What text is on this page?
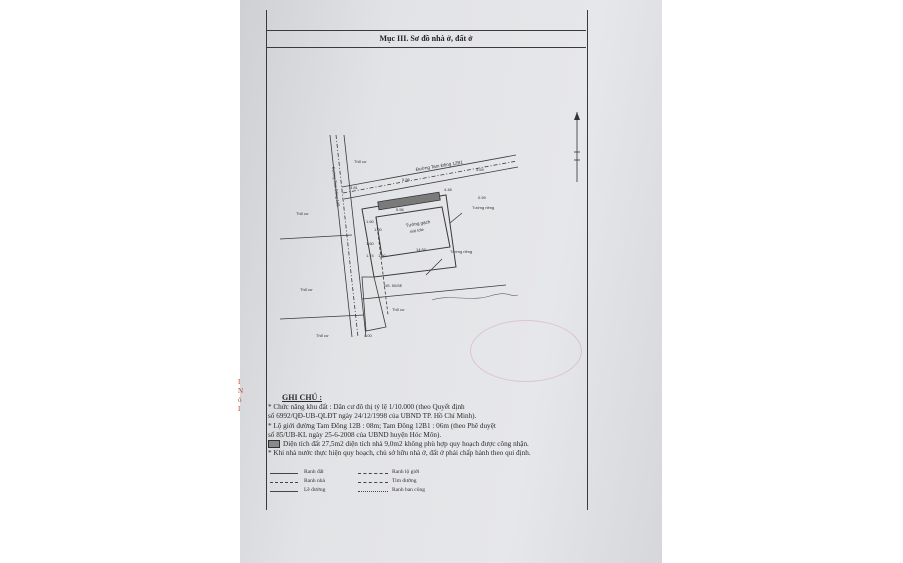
Mục III. Sơ đồ nhà ở, đất ở
Đường Tam Đông 12B1
Đường Tam Đông 12B
Tường gạch
mái tole
Tường riêng
Tường riêng
NS: 50/5E
Thổ cư
Thổ cư
Thổ cư
Thổ cư
Thổ cư
3.81
5.56
4.69
5.56
4.48
14.50
1.60
1.60
1.74 1.60
4.00
1.00
0.59
I
N
ỏ
I
GHI CHÚ :
* Chức năng khu đất : Dân cư đô thị tỷ lệ 1/10.000 (theo Quyết định
số 6992/QĐ-UB-QLĐT ngày 24/12/1998 của UBND TP. Hồ Chí Minh).
* Lộ giới đường Tam Đông 12B : 08m; Tam Đông 12B1 : 06m (theo Phê duyệt
số 85/UB-KL ngày 25-6-2008 của UBND huyện Hóc Môn).
Diện tích đất 27,5m2 diện tích nhà 9,0m2 không phù hợp quy hoạch được công nhận.
* Khi nhà nước thực hiện quy hoạch, chủ sở hữu nhà ở, đất ở phải chấp hành theo qui định.
Ranh đất
Ranh nhà
Lề đường
Ranh lộ giới
Tim đường
Ranh ban công
